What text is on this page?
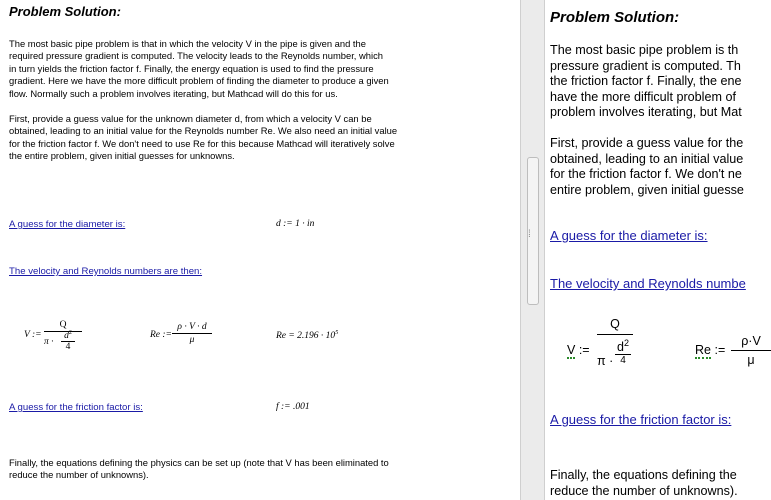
Problem Solution:
The most basic pipe problem is that in which the velocity V in the pipe is given and the
required pressure gradient is computed. The velocity leads to the Reynolds number, which
in turn yields the friction factor f. Finally, the energy equation is used to find the pressure
gradient. Here we have the more difficult problem of finding the diameter to produce a given
flow. Normally such a problem involves iterating, but Mathcad will do this for us.
First, provide a guess value for the unknown diameter d, from which a velocity V can be
obtained, leading to an initial value for the Reynolds number Re. We also need an initial value
for the friction factor f. We don't need to use Re for this because Mathcad will iteratively solve
the entire problem, given initial guesses for unknowns.
A guess for the diameter is:	d := 1 · in
The velocity and Reynolds numbers are then:
V :=
Q
π ·
$d^2$
4
Re :=
ρ · V · d
μ	$Re = 2.196 \cdot 10^5$
A guess for the friction factor is:	f := .001
Finally, the equations defining the physics can be set up (note that V has been eliminated to
reduce the number of unknowns).
⁞
Problem Solution:
The most basic pipe problem is th
pressure gradient is computed. Th
the friction factor f. Finally, the ene
have the more difficult problem of
problem involves iterating, but Mat
First, provide a guess value for the
obtained, leading to an initial value
for the friction factor f. We don't ne
entire problem, given initial guesse
A guess for the diameter is:
The velocity and Reynolds numbe
V :=
Q
π ·
$d^2$
4
Re :=
ρ·V
μ
A guess for the friction factor is:
Finally, the equations defining the
reduce the number of unknowns).
